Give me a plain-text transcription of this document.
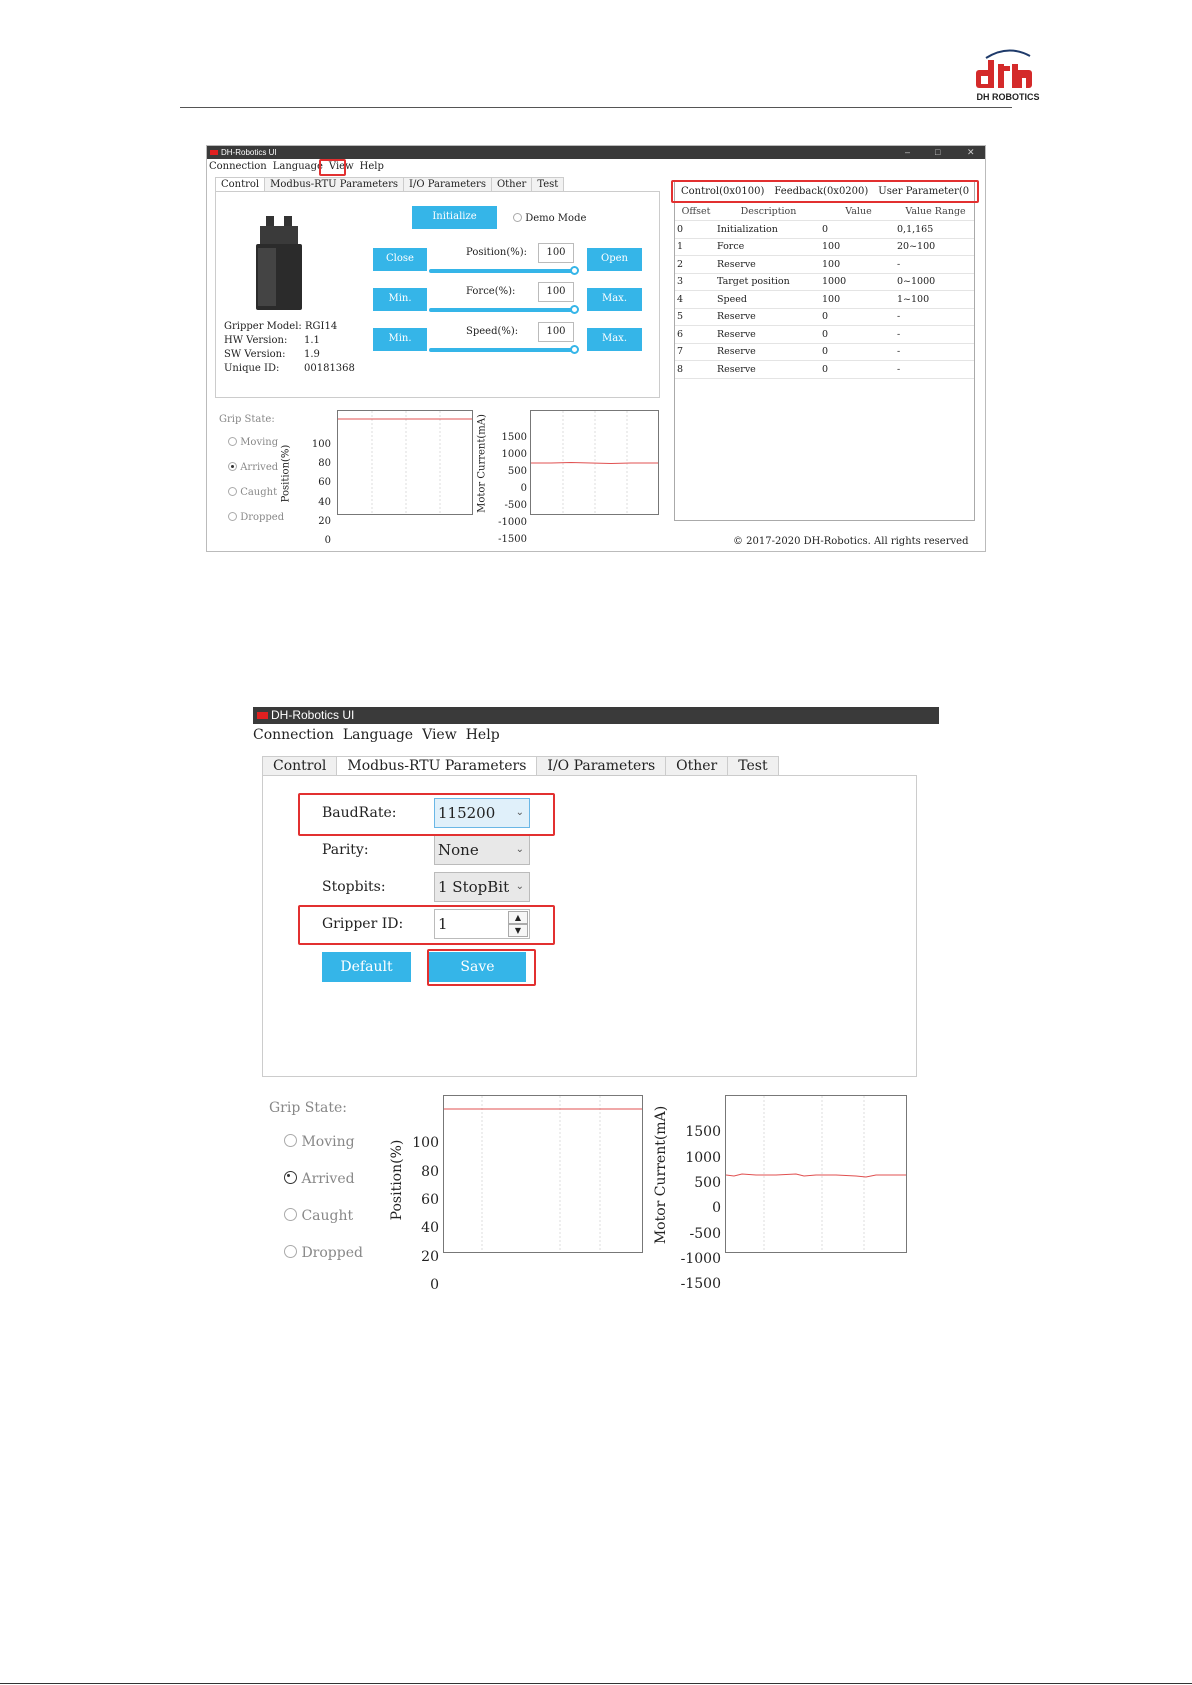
DH ROBOTICS
DH-Robotics UI	–	□	✕
Connection Language View Help
Control Modbus-RTU Parameters I/O Parameters Other Test
Initialize	Demo Mode
Close
Position(%):	100
Open
Min.
Force(%):	100
Max.
Min.
Speed(%):	100
Max.
Gripper Model: RGI14
HW Version: 1.1
SW Version: 1.9
Unique ID: 00181368
Grip State:
Moving
Arrived
Caught
Dropped
Position(%)
100
80
60
40
20
0
Motor Current(mA)	1500
1000
500
0
-500
-1000
-1500	© 2017-2020 DH-Robotics. All rights reserved
Control(0x0100) Feedback(0x0200) User Parameter(0
Offset	Description	Value	Value Range
0	Initialization	0	0,1,165
1	Force	100	20~100
2	Reserve	100	-
3	Target position	1000	0~1000
4	Speed	100	1~100
5	Reserve	0	-
6	Reserve	0	-
7	Reserve	0	-
8	Reserve	0	-
DH-Robotics UI
Connection Language View Help
Control Modbus-RTU Parameters I/O Parameters Other Test
BaudRate:	115200 ⌄
Parity:	None	⌄
Stopbits:	1 StopBit ⌄
Gripper ID: 1	▲
▼
Default	Save
Grip State:
Moving
Arrived
Caught
Dropped
Position(%) 100
80
60
40
20
0
Motor Current(mA)	1500
1000
500
0
-500
-1000
-1500
